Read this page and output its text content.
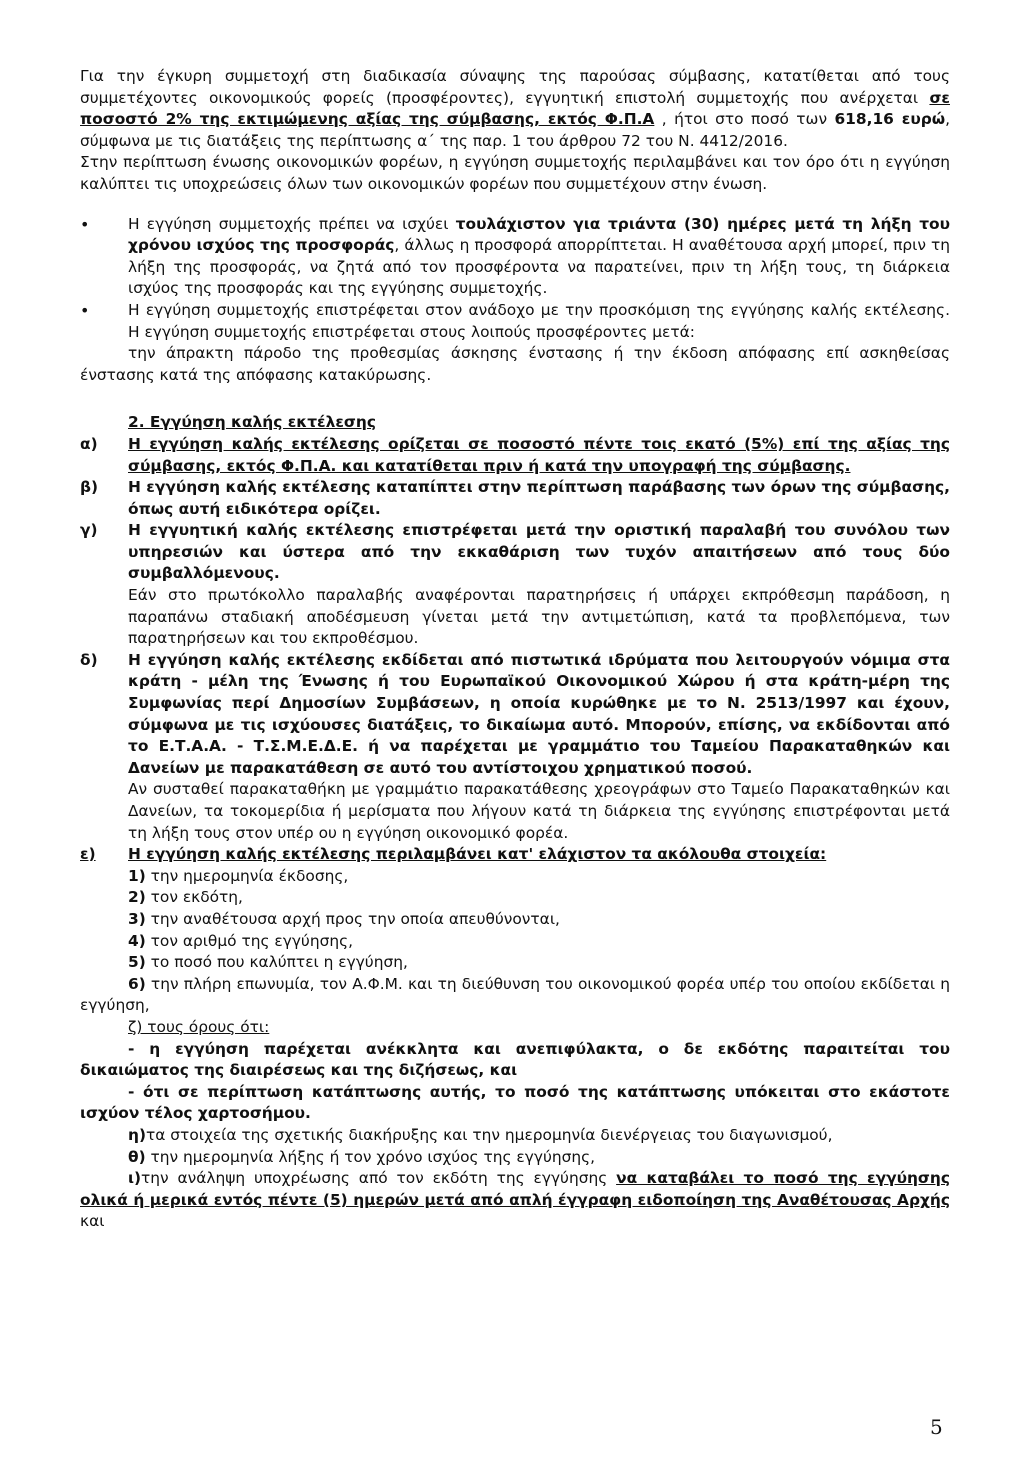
Για την έγκυρη συμμετοχή στη διαδικασία σύναψης της παρούσας σύμβασης, κατατίθεται από τους συμμετέχοντες οικονομικούς φορείς (προσφέροντες), εγγυητική επιστολή συμμετοχής που ανέρχεται σε ποσοστό 2% της εκτιμώμενης αξίας της σύμβασης, εκτός Φ.Π.Α , ήτοι στο ποσό των 618,16 ευρώ, σύμφωνα με τις διατάξεις της περίπτωσης α΄ της παρ. 1 του άρθρου 72 του Ν. 4412/2016.

Στην περίπτωση ένωσης οικονομικών φορέων, η εγγύηση συμμετοχής περιλαμβάνει και τον όρο ότι η εγγύηση καλύπτει τις υποχρεώσεις όλων των οικονομικών φορέων που συμμετέχουν στην ένωση.

• Η εγγύηση συμμετοχής πρέπει να ισχύει τουλάχιστον για τριάντα (30) ημέρες μετά τη λήξη του χρόνου ισχύος της προσφοράς, άλλως η προσφορά απορρίπτεται. Η αναθέτουσα αρχή μπορεί, πριν τη λήξη της προσφοράς, να ζητά από τον προσφέροντα να παρατείνει, πριν τη λήξη τους, τη διάρκεια ισχύος της προσφοράς και της εγγύησης συμμετοχής.

• Η εγγύηση συμμετοχής επιστρέφεται στον ανάδοχο με την προσκόμιση της εγγύησης καλής εκτέλεσης. Η εγγύηση συμμετοχής επιστρέφεται στους λοιπούς προσφέροντες μετά:

την άπρακτη πάροδο της προθεσμίας άσκησης ένστασης ή την έκδοση απόφασης επί ασκηθείσας ένστασης κατά της απόφασης κατακύρωσης.

2. Εγγύηση καλής εκτέλεσης

α) Η εγγύηση καλής εκτέλεσης ορίζεται σε ποσοστό πέντε τοις εκατό (5%) επί της αξίας της σύμβασης, εκτός Φ.Π.Α. και κατατίθεται πριν ή κατά την υπογραφή της σύμβασης.

β) Η εγγύηση καλής εκτέλεσης καταπίπτει στην περίπτωση παράβασης των όρων της σύμβασης, όπως αυτή ειδικότερα ορίζει.

γ) Η εγγυητική καλής εκτέλεσης επιστρέφεται μετά την οριστική παραλαβή του συνόλου των υπηρεσιών και ύστερα από την εκκαθάριση των τυχόν απαιτήσεων από τους δύο συμβαλλόμενους.

Εάν στο πρωτόκολλο παραλαβής αναφέρονται παρατηρήσεις ή υπάρχει εκπρόθεσμη παράδοση, η παραπάνω σταδιακή αποδέσμευση γίνεται μετά την αντιμετώπιση, κατά τα προβλεπόμενα, των παρατηρήσεων και του εκπροθέσμου.

δ) Η εγγύηση καλής εκτέλεσης εκδίδεται από πιστωτικά ιδρύματα που λειτουργούν νόμιμα στα κράτη - μέλη της Ένωσης ή του Ευρωπαϊκού Οικονομικού Χώρου ή στα κράτη-μέρη της Συμφωνίας περί Δημοσίων Συμβάσεων, η οποία κυρώθηκε με το Ν. 2513/1997 και έχουν, σύμφωνα με τις ισχύουσες διατάξεις, το δικαίωμα αυτό. Μπορούν, επίσης, να εκδίδονται από το Ε.Τ.Α.Α. - Τ.Σ.Μ.Ε.Δ.Ε. ή να παρέχεται με γραμμάτιο του Ταμείου Παρακαταθηκών και Δανείων με παρακατάθεση σε αυτό του αντίστοιχου χρηματικού ποσού.

Αν συσταθεί παρακαταθήκη με γραμμάτιο παρακατάθεσης χρεογράφων στο Ταμείο Παρακαταθηκών και Δανείων, τα τοκομερίδια ή μερίσματα που λήγουν κατά τη διάρκεια της εγγύησης επιστρέφονται μετά τη λήξη τους στον υπέρ ου η εγγύηση οικονομικό φορέα.

ε) Η εγγύηση καλής εκτέλεσης περιλαμβάνει κατ' ελάχιστον τα ακόλουθα στοιχεία:

1) την ημερομηνία έκδοσης,

2) τον εκδότη,

3) την αναθέτουσα αρχή προς την οποία απευθύνονται,

4) τον αριθμό της εγγύησης,

5) το ποσό που καλύπτει η εγγύηση,

6) την πλήρη επωνυμία, τον Α.Φ.Μ. και τη διεύθυνση του οικονομικού φορέα υπέρ του οποίου εκδίδεται η εγγύηση,

ζ) τους όρους ότι:

- η εγγύηση παρέχεται ανέκκλητα και ανεπιφύλακτα, ο δε εκδότης παραιτείται του δικαιώματος της διαιρέσεως και της διζήσεως, και

- ότι σε περίπτωση κατάπτωσης αυτής, το ποσό της κατάπτωσης υπόκειται στο εκάστοτε ισχύον τέλος χαρτοσήμου.

η)τα στοιχεία της σχετικής διακήρυξης και την ημερομηνία διενέργειας του διαγωνισμού,

θ) την ημερομηνία λήξης ή τον χρόνο ισχύος της εγγύησης,

ι)την ανάληψη υποχρέωσης από τον εκδότη της εγγύησης να καταβάλει το ποσό της εγγύησης ολικά ή μερικά εντός πέντε (5) ημερών μετά από απλή έγγραφη ειδοποίηση της Αναθέτουσας Αρχής και

5
